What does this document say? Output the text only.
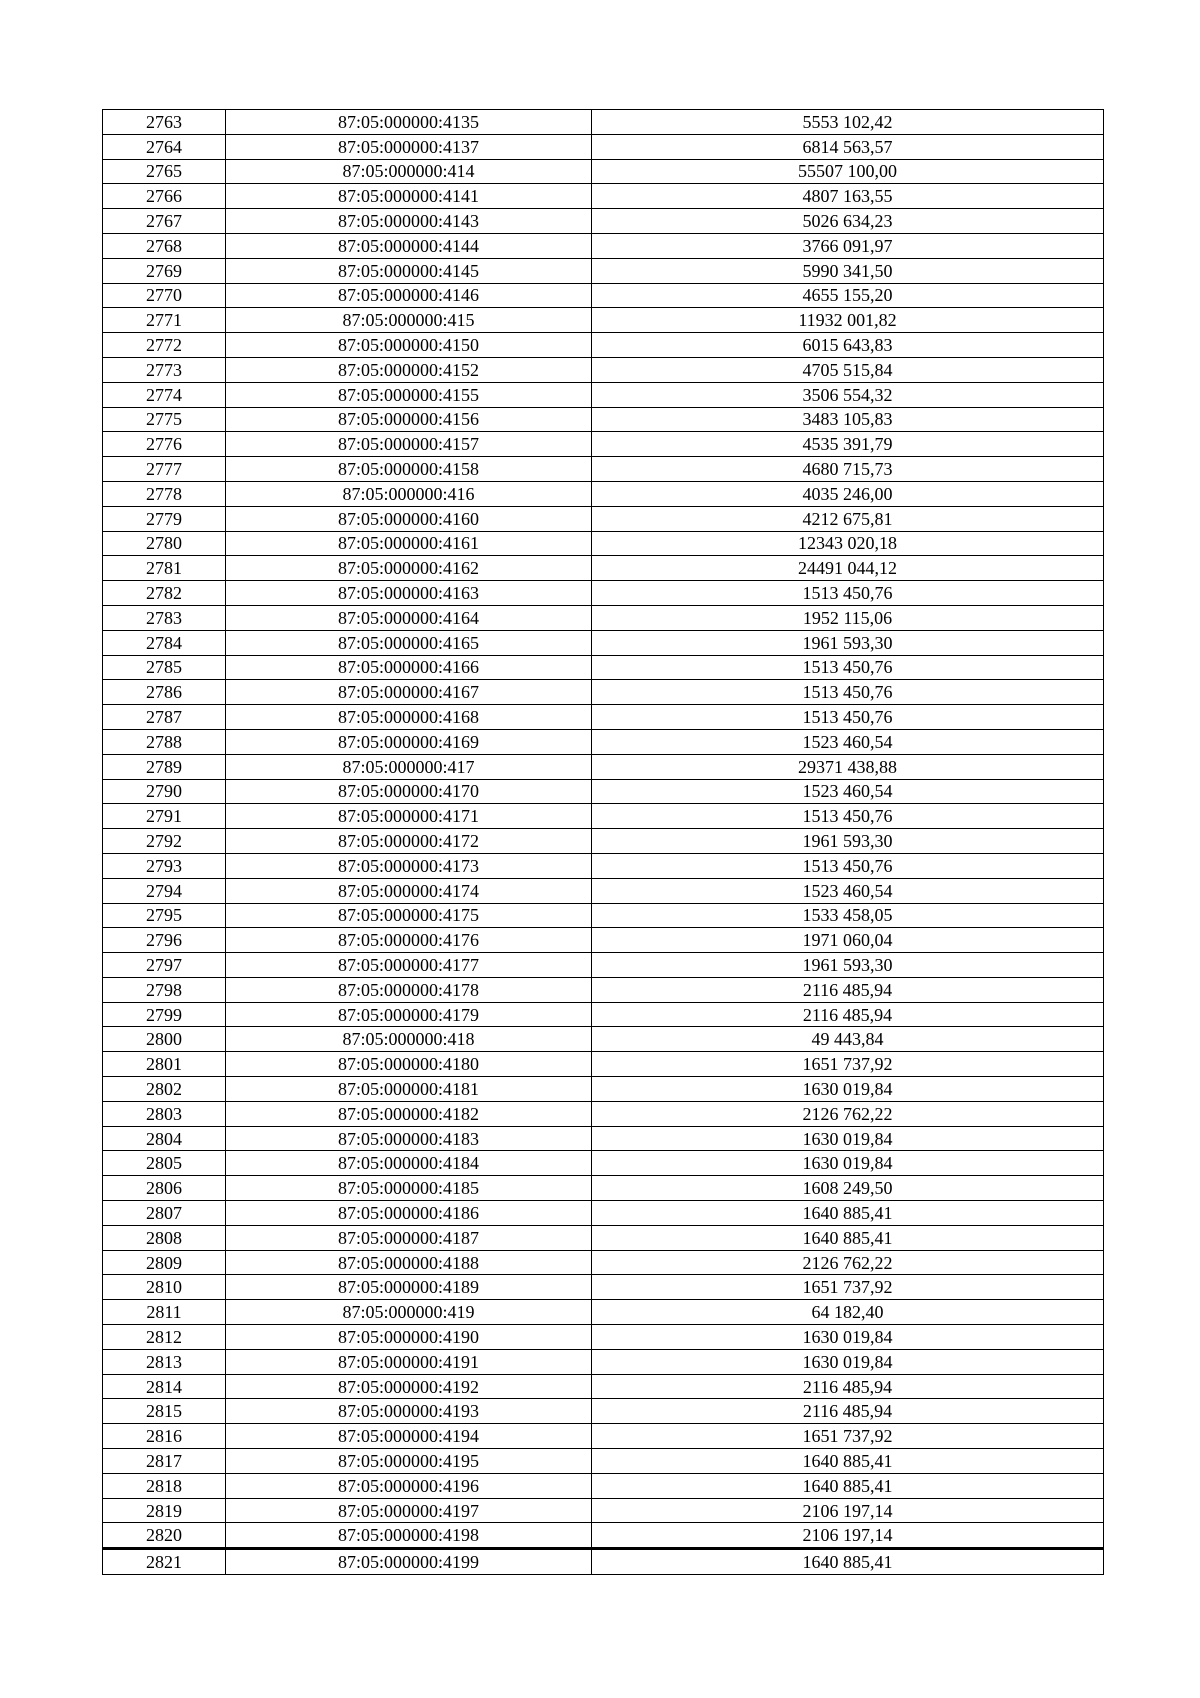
2763	87:05:000000:4135	5553 102,42
2764	87:05:000000:4137	6814 563,57
2765	87:05:000000:414	55507 100,00
2766	87:05:000000:4141	4807 163,55
2767	87:05:000000:4143	5026 634,23
2768	87:05:000000:4144	3766 091,97
2769	87:05:000000:4145	5990 341,50
2770	87:05:000000:4146	4655 155,20
2771	87:05:000000:415	11932 001,82
2772	87:05:000000:4150	6015 643,83
2773	87:05:000000:4152	4705 515,84
2774	87:05:000000:4155	3506 554,32
2775	87:05:000000:4156	3483 105,83
2776	87:05:000000:4157	4535 391,79
2777	87:05:000000:4158	4680 715,73
2778	87:05:000000:416	4035 246,00
2779	87:05:000000:4160	4212 675,81
2780	87:05:000000:4161	12343 020,18
2781	87:05:000000:4162	24491 044,12
2782	87:05:000000:4163	1513 450,76
2783	87:05:000000:4164	1952 115,06
2784	87:05:000000:4165	1961 593,30
2785	87:05:000000:4166	1513 450,76
2786	87:05:000000:4167	1513 450,76
2787	87:05:000000:4168	1513 450,76
2788	87:05:000000:4169	1523 460,54
2789	87:05:000000:417	29371 438,88
2790	87:05:000000:4170	1523 460,54
2791	87:05:000000:4171	1513 450,76
2792	87:05:000000:4172	1961 593,30
2793	87:05:000000:4173	1513 450,76
2794	87:05:000000:4174	1523 460,54
2795	87:05:000000:4175	1533 458,05
2796	87:05:000000:4176	1971 060,04
2797	87:05:000000:4177	1961 593,30
2798	87:05:000000:4178	2116 485,94
2799	87:05:000000:4179	2116 485,94
2800	87:05:000000:418	49 443,84
2801	87:05:000000:4180	1651 737,92
2802	87:05:000000:4181	1630 019,84
2803	87:05:000000:4182	2126 762,22
2804	87:05:000000:4183	1630 019,84
2805	87:05:000000:4184	1630 019,84
2806	87:05:000000:4185	1608 249,50
2807	87:05:000000:4186	1640 885,41
2808	87:05:000000:4187	1640 885,41
2809	87:05:000000:4188	2126 762,22
2810	87:05:000000:4189	1651 737,92
2811	87:05:000000:419	64 182,40
2812	87:05:000000:4190	1630 019,84
2813	87:05:000000:4191	1630 019,84
2814	87:05:000000:4192	2116 485,94
2815	87:05:000000:4193	2116 485,94
2816	87:05:000000:4194	1651 737,92
2817	87:05:000000:4195	1640 885,41
2818	87:05:000000:4196	1640 885,41
2819	87:05:000000:4197	2106 197,14
2820	87:05:000000:4198	2106 197,14
2821	87:05:000000:4199	1640 885,41
